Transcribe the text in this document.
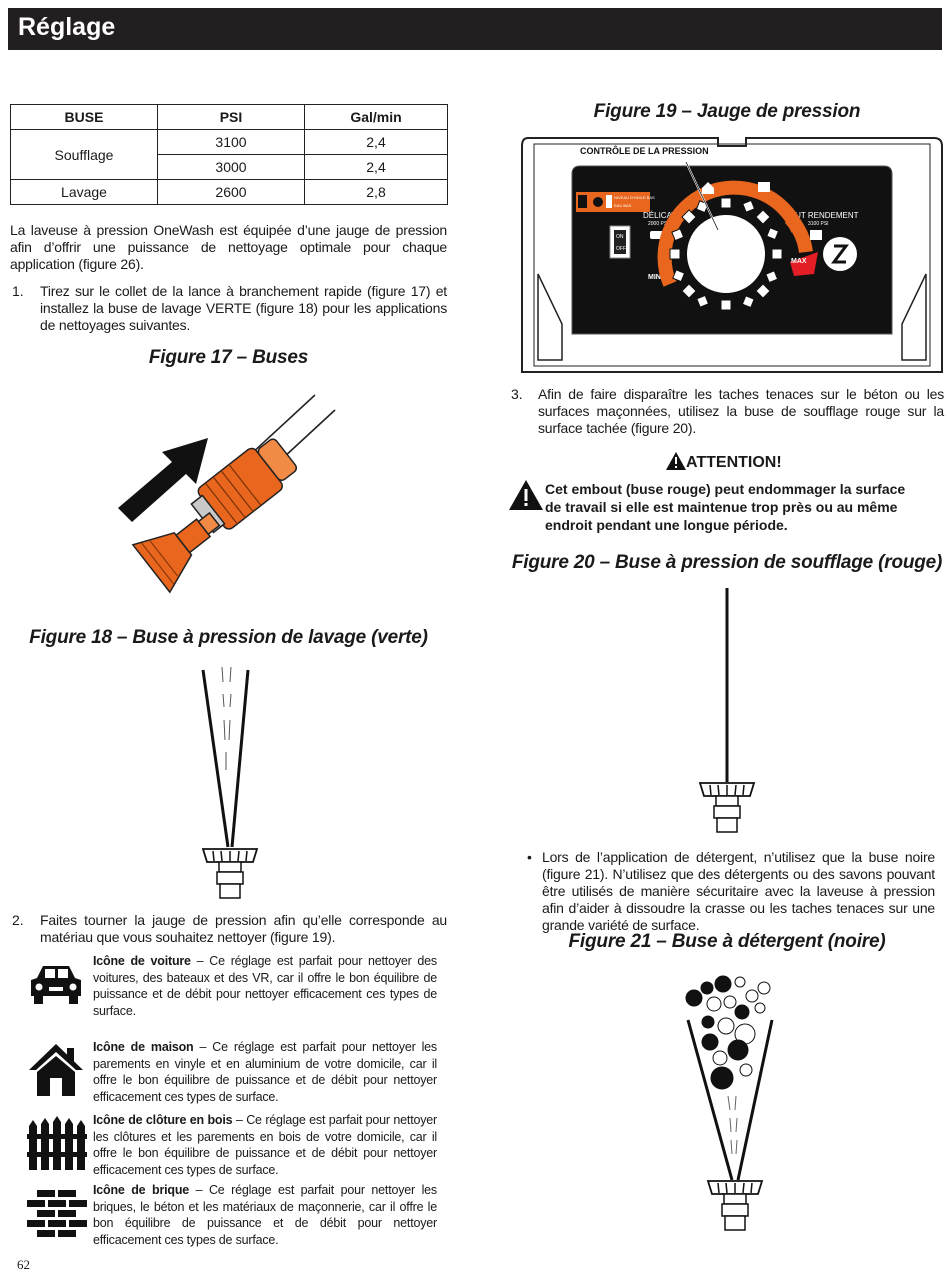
Réglage
BUSE	PSI	Gal/min
Soufflage	3100	2,4
	3000	2,4
Lavage	2600	2,8
La laveuse à pression OneWash est équipée d’une jauge de pression afin d’offrir une puissance de nettoyage optimale pour chaque application (figure 26).
1. Tirez sur le collet de la lance à branchement rapide (figure 17) et installez la buse de lavage VERTE (figure 18) pour les applications de nettoyages suivantes.
Figure 17 – Buses
Figure 18 – Buse à pression de lavage (verte)
2. Faites tourner la jauge de pression afin qu’elle corresponde au matériau que vous souhaitez nettoyer (figure 19).
Icône de voiture – Ce réglage est parfait pour nettoyer des voitures, des bateaux et des VR, car il offre le bon équilibre de puissance et de débit pour nettoyer efficacement ces types de surface.
Icône de maison – Ce réglage est parfait pour nettoyer les parements en vinyle et en aluminium de votre domicile, car il offre le bon équilibre de puissance et de débit pour nettoyer efficacement ces types de surface.
Icône de clôture en bois – Ce réglage est parfait pour nettoyer les clôtures et les parements en bois de votre domicile, car il offre le bon équilibre de puissance et de débit pour nettoyer efficacement ces types de surface.
Icône de brique – Ce réglage est parfait pour nettoyer les briques, le béton et les matériaux de maçonnerie, car il offre le bon équilibre de puissance et de débit pour nettoyer efficacement ces types de surface.
62
Figure 19 – Jauge de pression
NIVEAU D’HUILE BAS
EAU BAS
ON
OFF
CONTRÔLE DE LA PRESSION
DÉLICAT
2000 PSI
HAUT RENDEMENT
3100 PSI
MIN
MAX
3. Afin de faire disparaître les taches tenaces sur le béton ou les surfaces maçonnées, utilisez la buse de soufflage rouge sur la surface tachée (figure 20).
ATTENTION!
Cet embout (buse rouge) peut endommager la surface de travail si elle est maintenue trop près ou au même endroit pendant une longue période.
Figure 20 – Buse à pression de soufflage (rouge)
• Lors de l’application de détergent, n’utilisez que la buse noire (figure 21). N’utilisez que des détergents ou des savons pouvant être utilisés de manière sécuritaire avec la laveuse à pression afin d’aider à dissoudre la crasse ou les taches tenaces sur une grande variété de surface.
Figure 21 – Buse à détergent (noire)
